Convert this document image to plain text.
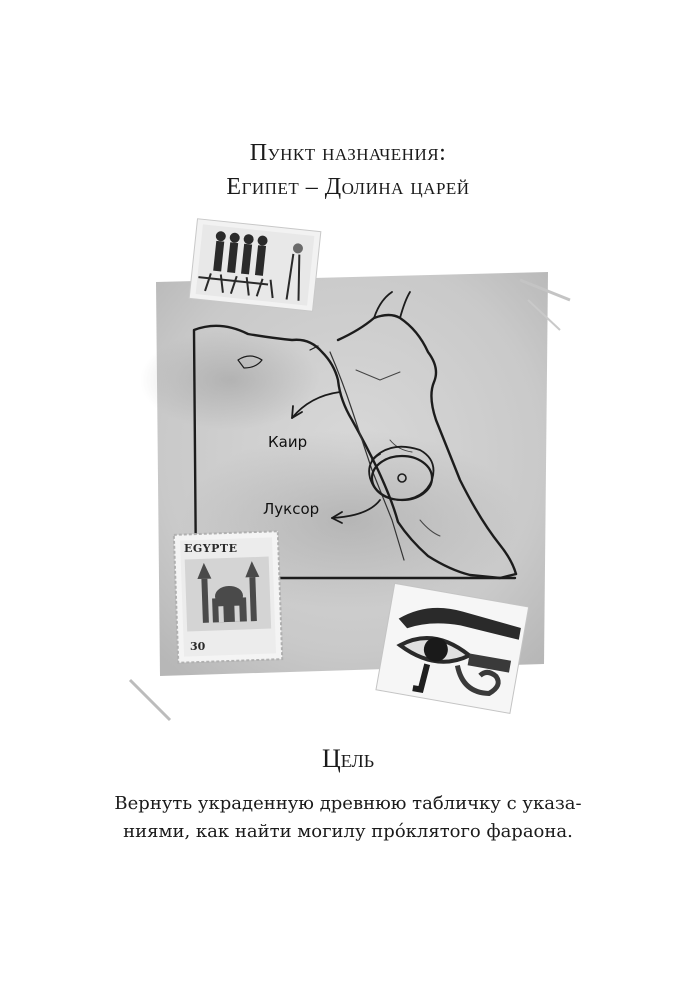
Пункт назначения:
Египет – Долина царей
EGYPTE
30
Каир
Луксор
Цель
Вернуть украденную древнюю табличку с указа-
ниями, как найти могилу про́клятого фараона.
